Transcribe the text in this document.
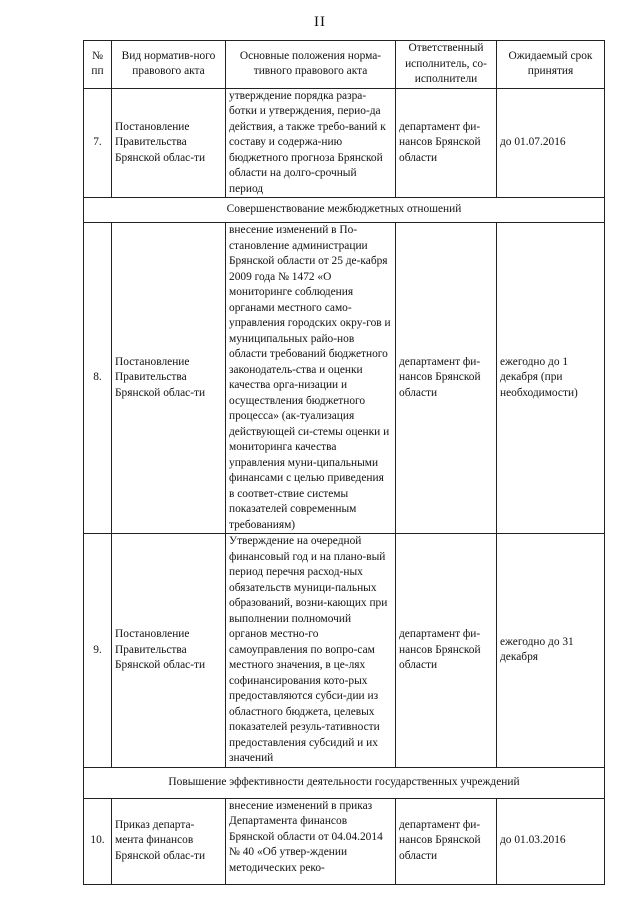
II
№ пп	Вид норматив-ного правового акта	Основные положения норма-тивного правового акта	Ответственный исполнитель, со-исполнители	Ожидаемый срок принятия
7.	Постановление Правительства Брянской облас-ти	утверждение порядка разра-ботки и утверждения, перио-да действия, а также требо-ваний к составу и содержа-нию бюджетного прогноза Брянской области на долго-срочный период	департамент фи-нансов Брянской области	до 01.07.2016
Совершенствование межбюджетных отношений				
8.	Постановление Правительства Брянской облас-ти	внесение изменений в По-становление администрации Брянской области от 25 де-кабря 2009 года № 1472 «О мониторинге соблюдения органами местного само-управления городских окру-гов и муниципальных райо-нов области требований бюджетного законодатель-ства и оценки качества орга-низации и осуществления бюджетного процесса» (ак-туализация действующей си-стемы оценки и мониторинга качества управления муни-ципальными финансами с целью приведения в соответ-ствие системы показателей современным требованиям)	департамент фи-нансов Брянской области	ежегодно до 1 декабря (при необходимости)
9.	Постановление Правительства Брянской облас-ти	Утверждение на очередной финансовый год и на плано-вый период перечня расход-ных обязательств муници-пальных образований, возни-кающих при выполнении полномочий органов местно-го самоуправления по вопро-сам местного значения, в це-лях софинансирования кото-рых предоставляются субси-дии из областного бюджета, целевых показателей резуль-тативности предоставления субсидий и их значений	департамент фи-нансов Брянской области	ежегодно до 31 декабря
Повышение эффективности деятельности государственных учреждений				
10.	Приказ департа-мента финансов Брянской облас-ти	внесение изменений в приказ Департамента финансов Брянской области от 04.04.2014 № 40 «Об утвер-ждении методических реко-	департамент фи-нансов Брянской области	до 01.03.2016
